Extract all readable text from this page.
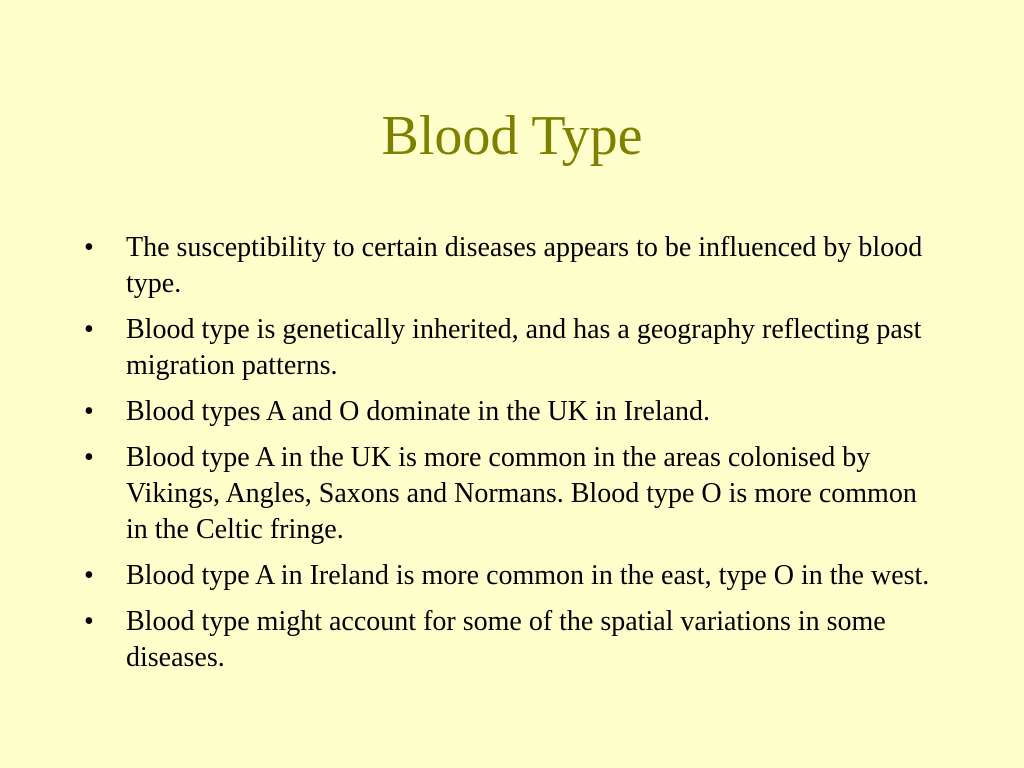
Blood Type
•	The susceptibility to certain diseases appears to be influenced by blood type.
•	Blood type is genetically inherited, and has a geography reflecting past migration patterns.
•	Blood types A and O dominate in the UK in Ireland.
•	Blood type A in the UK is more common in the areas colonised by Vikings, Angles, Saxons and Normans. Blood type O is more common in the Celtic fringe.
•	Blood type A in Ireland is more common in the east, type O in the west.
•	Blood type might account for some of the spatial variations in some diseases.
